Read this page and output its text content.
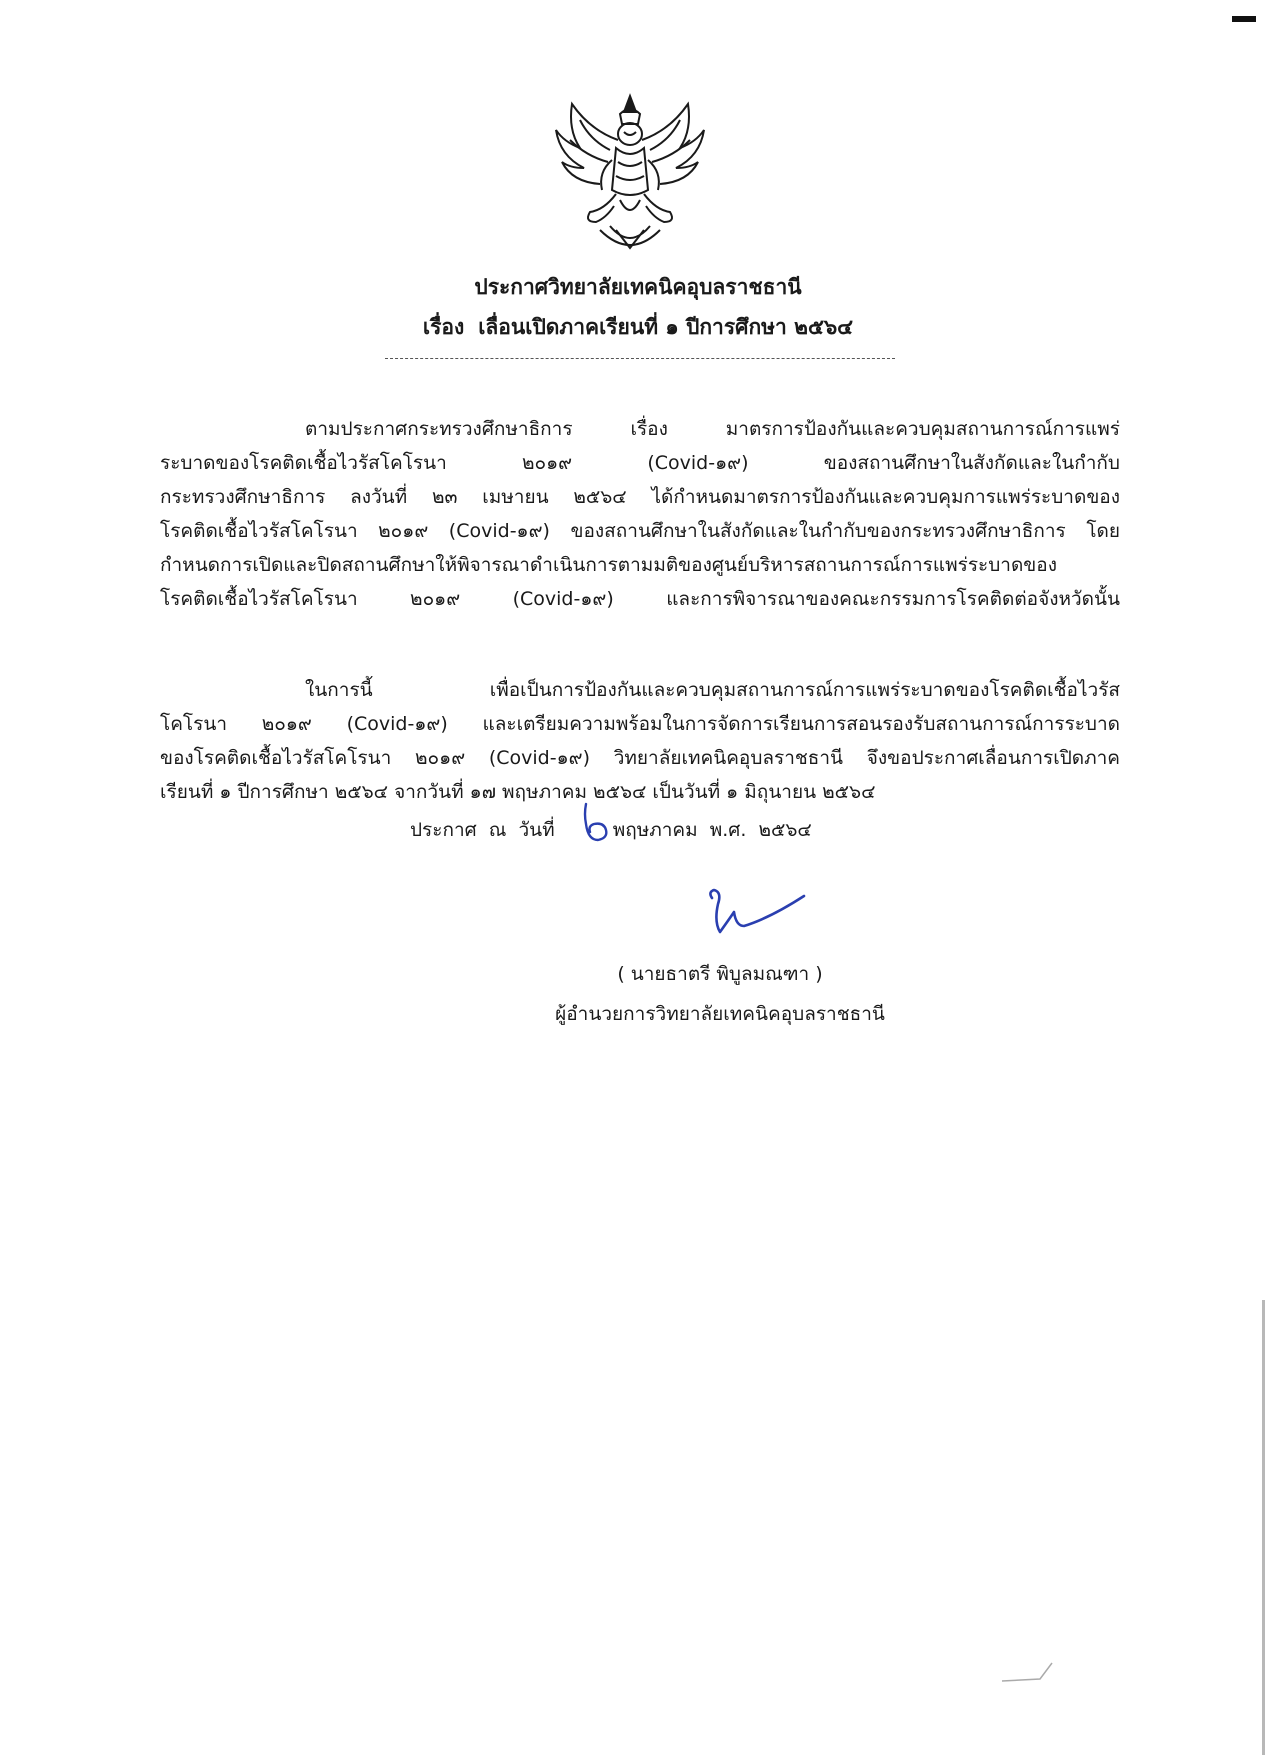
ประกาศวิทยาลัยเทคนิคอุบลราชธานี
เรื่อง เลื่อนเปิดภาคเรียนที่ ๑ ปีการศึกษา ๒๕๖๔
ตามประกาศกระทรวงศึกษาธิการ เรื่อง มาตรการป้องกันและควบคุมสถานการณ์การแพร่
ระบาดของโรคติดเชื้อไวรัสโคโรนา ๒๐๑๙ (Covid-๑๙) ของสถานศึกษาในสังกัดและในกำกับ
กระทรวงศึกษาธิการ ลงวันที่ ๒๓ เมษายน ๒๕๖๔ ได้กำหนดมาตรการป้องกันและควบคุมการแพร่ระบาดของ
โรคติดเชื้อไวรัสโคโรนา ๒๐๑๙ (Covid-๑๙) ของสถานศึกษาในสังกัดและในกำกับของกระทรวงศึกษาธิการ โดย
กำหนดการเปิดและปิดสถานศึกษาให้พิจารณาดำเนินการตามมติของศูนย์บริหารสถานการณ์การแพร่ระบาดของ
โรคติดเชื้อไวรัสโคโรนา ๒๐๑๙ (Covid-๑๙) และการพิจารณาของคณะกรรมการโรคติดต่อจังหวัดนั้น
ในการนี้ เพื่อเป็นการป้องกันและควบคุมสถานการณ์การแพร่ระบาดของโรคติดเชื้อไวรัส
โคโรนา ๒๐๑๙ (Covid-๑๙) และเตรียมความพร้อมในการจัดการเรียนการสอนรองรับสถานการณ์การระบาด
ของโรคติดเชื้อไวรัสโคโรนา ๒๐๑๙ (Covid-๑๙) วิทยาลัยเทคนิคอุบลราชธานี จึงขอประกาศเลื่อนการเปิดภาค
เรียนที่ ๑ ปีการศึกษา ๒๕๖๔ จากวันที่ ๑๗ พฤษภาคม ๒๕๖๔ เป็นวันที่ ๑ มิถุนายน ๒๕๖๔
ประกาศ ณ วันที่	พฤษภาคม พ.ศ. ๒๕๖๔
( นายธาตรี พิบูลมณฑา )
ผู้อำนวยการวิทยาลัยเทคนิคอุบลราชธานี
